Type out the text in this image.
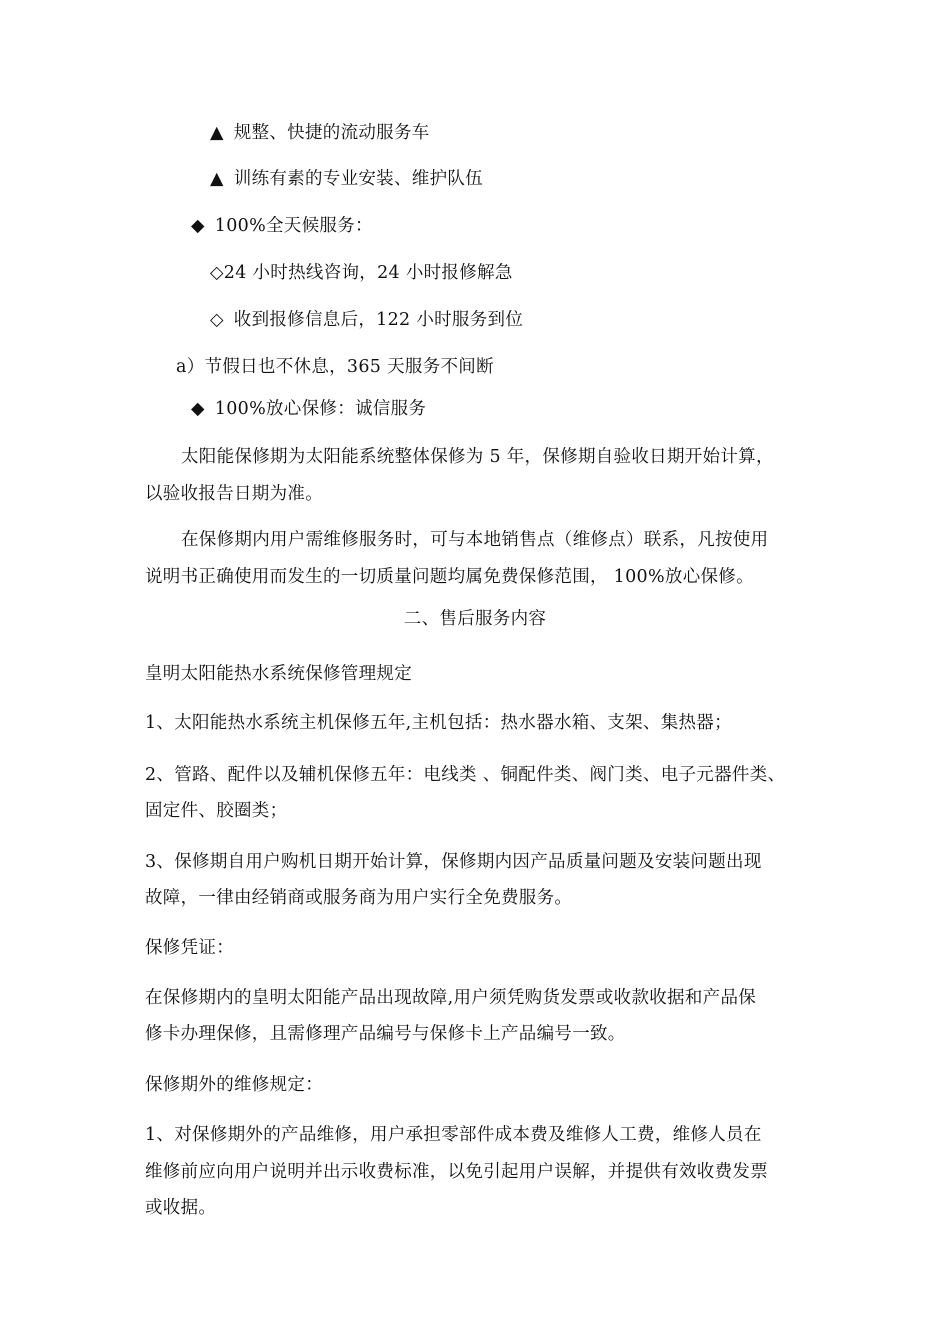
▲ 规整、快捷的流动服务车
▲ 训练有素的专业安装、维护队伍
◆ 100%全天候服务：
◇24 小时热线咨询，24 小时报修解急
◇ 收到报修信息后，122 小时服务到位
a）节假日也不休息，365 天服务不间断
◆ 100%放心保修：诚信服务
太阳能保修期为太阳能系统整体保修为 5 年，保修期自验收日期开始计算，
以验收报告日期为准。
在保修期内用户需维修服务时，可与本地销售点（维修点）联系，凡按使用
说明书正确使用而发生的一切质量问题均属免费保修范围， 100%放心保修。
二、售后服务内容
皇明太阳能热水系统保修管理规定
1、太阳能热水系统主机保修五年,主机包括：热水器水箱、支架、集热器；
2、管路、配件以及辅机保修五年：电线类 、铜配件类、阀门类、电子元器件类、
固定件、胶圈类；
3、保修期自用户购机日期开始计算，保修期内因产品质量问题及安装问题出现
故障，一律由经销商或服务商为用户实行全免费服务。
保修凭证：
在保修期内的皇明太阳能产品出现故障,用户须凭购货发票或收款收据和产品保
修卡办理保修，且需修理产品编号与保修卡上产品编号一致。
保修期外的维修规定：
1、对保修期外的产品维修，用户承担零部件成本费及维修人工费，维修人员在
维修前应向用户说明并出示收费标准，以免引起用户误解，并提供有效收费发票
或收据。
